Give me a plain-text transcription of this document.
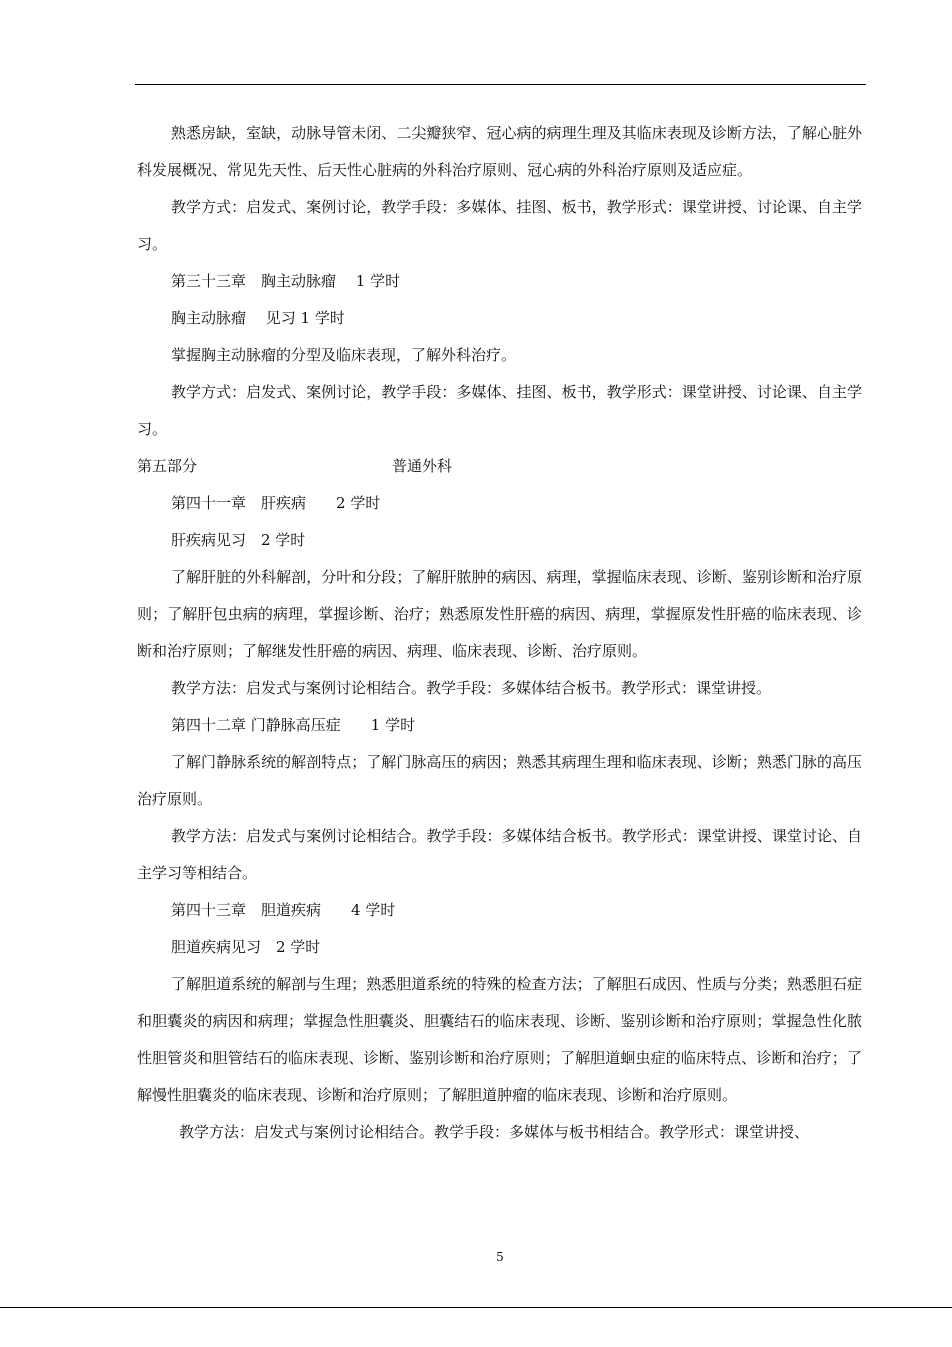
熟悉房缺，室缺，动脉导管未闭、二尖瓣狭窄、冠心病的病理生理及其临床表现及诊断方法，了解心脏外科发展概况、常见先天性、后天性心脏病的外科治疗原则、冠心病的外科治疗原则及适应症。

教学方式：启发式、案例讨论，教学手段：多媒体、挂图、板书，教学形式：课堂讲授、讨论课、自主学习。

第三十三章　胸主动脉瘤　 1 学时

胸主动脉瘤　 见习 1 学时

掌握胸主动脉瘤的分型及临床表现，了解外科治疗。

教学方式：启发式、案例讨论，教学手段：多媒体、挂图、板书，教学形式：课堂讲授、讨论课、自主学习。

第五部分　　　　　　　　　　　　　普通外科

第四十一章　肝疾病　　2 学时

肝疾病见习　2 学时

了解肝脏的外科解剖，分叶和分段；了解肝脓肿的病因、病理，掌握临床表现、诊断、鉴别诊断和治疗原则；了解肝包虫病的病理，掌握诊断、治疗；熟悉原发性肝癌的病因、病理，掌握原发性肝癌的临床表现、诊断和治疗原则；了解继发性肝癌的病因、病理、临床表现、诊断、治疗原则。

教学方法：启发式与案例讨论相结合。教学手段：多媒体结合板书。教学形式：课堂讲授。

第四十二章 门静脉高压症　　1 学时

了解门静脉系统的解剖特点；了解门脉高压的病因；熟悉其病理生理和临床表现、诊断；熟悉门脉的高压治疗原则。

教学方法：启发式与案例讨论相结合。教学手段：多媒体结合板书。教学形式：课堂讲授、课堂讨论、自主学习等相结合。

第四十三章　胆道疾病　　4 学时

胆道疾病见习　2 学时

了解胆道系统的解剖与生理；熟悉胆道系统的特殊的检查方法；了解胆石成因、性质与分类；熟悉胆石症和胆囊炎的病因和病理；掌握急性胆囊炎、胆囊结石的临床表现、诊断、鉴别诊断和治疗原则；掌握急性化脓性胆管炎和胆管结石的临床表现、诊断、鉴别诊断和治疗原则；了解胆道蛔虫症的临床特点、诊断和治疗；了解慢性胆囊炎的临床表现、诊断和治疗原则；了解胆道肿瘤的临床表现、诊断和治疗原则。

教学方法：启发式与案例讨论相结合。教学手段：多媒体与板书相结合。教学形式：课堂讲授、

5
